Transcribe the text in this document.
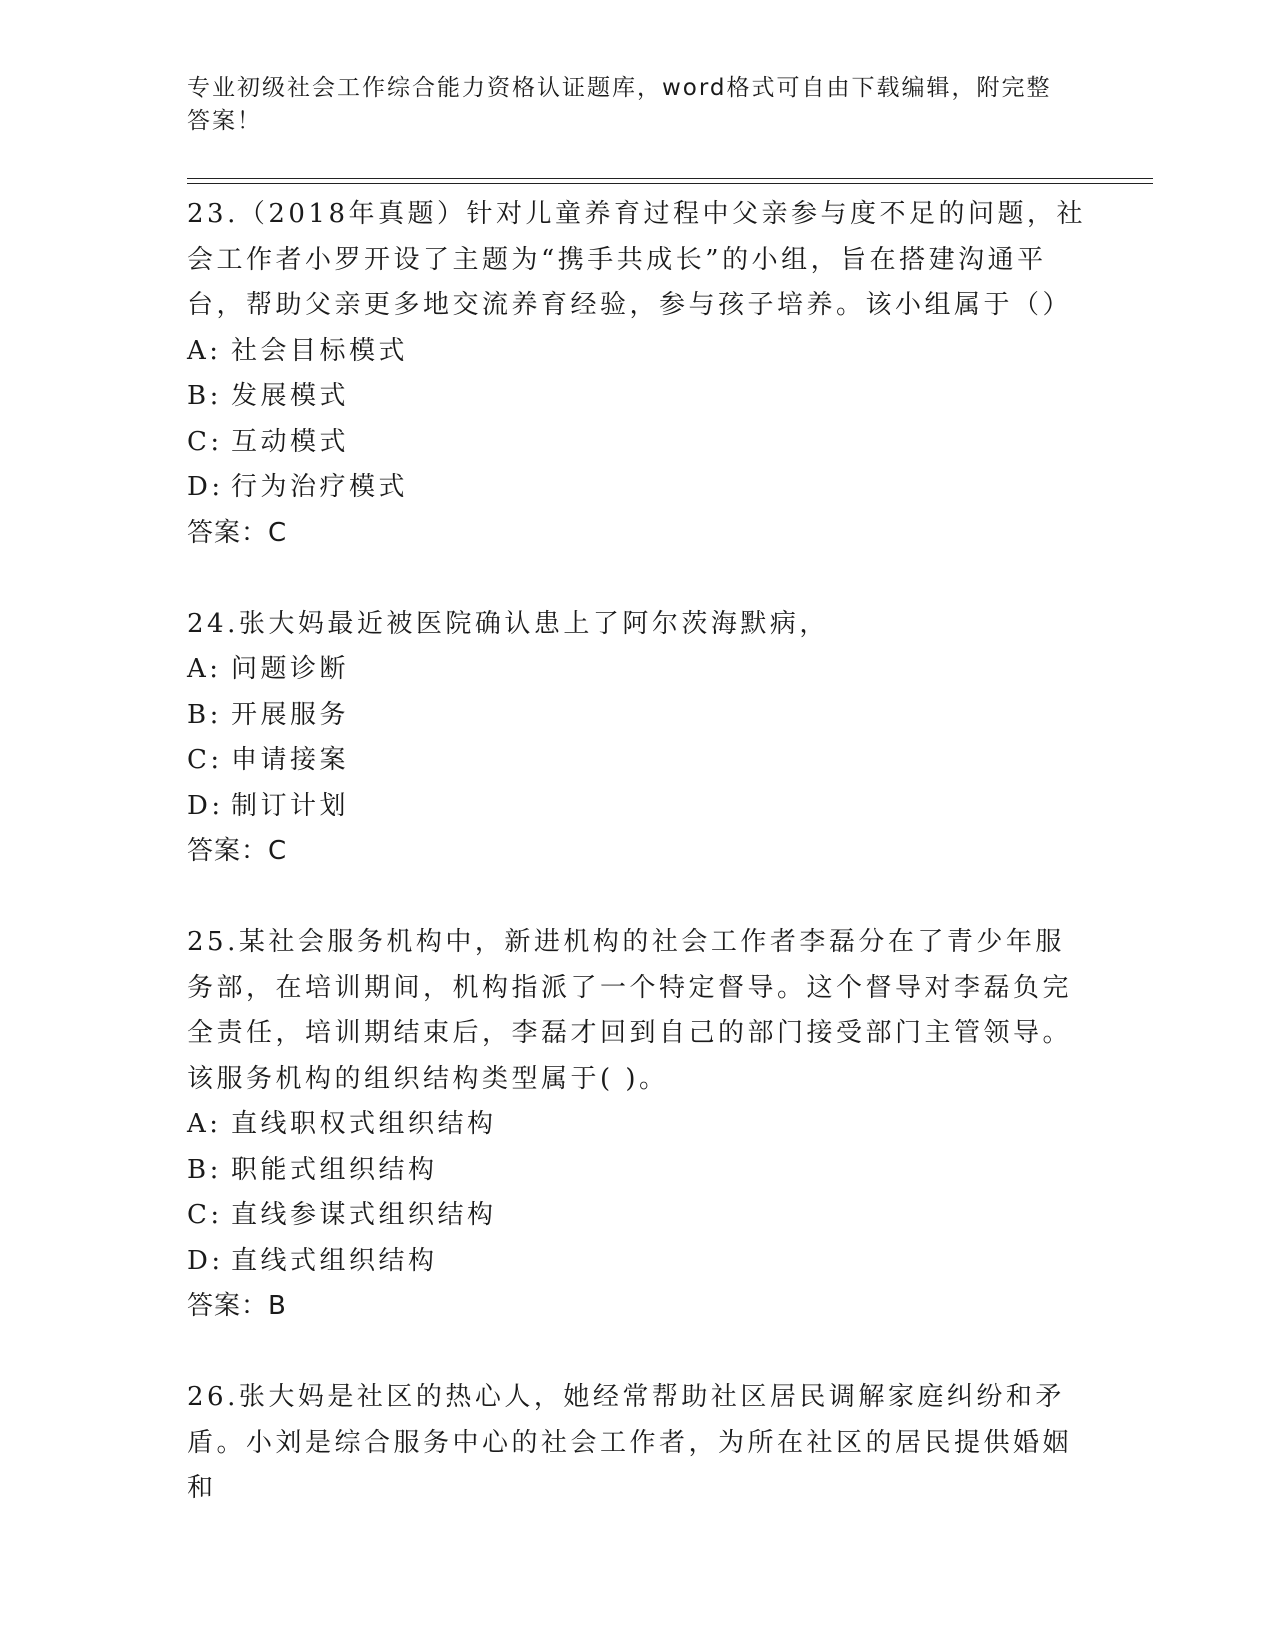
专业初级社会工作综合能力资格认证题库，word格式可自由下载编辑，附完整答案！

23.（2018年真题）针对儿童养育过程中父亲参与度不足的问题，社会工作者小罗开设了主题为“携手共成长”的小组，旨在搭建沟通平台，帮助父亲更多地交流养育经验，参与孩子培养。该小组属于（）

A: 社会目标模式

B: 发展模式

C: 互动模式

D: 行为治疗模式

答案：C

24.张大妈最近被医院确认患上了阿尔茨海默病，

A: 问题诊断

B: 开展服务

C: 申请接案

D: 制订计划

答案：C

25.某社会服务机构中，新进机构的社会工作者李磊分在了青少年服务部，在培训期间，机构指派了一个特定督导。这个督导对李磊负完全责任，培训期结束后，李磊才回到自己的部门接受部门主管领导。该服务机构的组织结构类型属于( )。

A: 直线职权式组织结构

B: 职能式组织结构

C: 直线参谋式组织结构

D: 直线式组织结构

答案：B

26.张大妈是社区的热心人，她经常帮助社区居民调解家庭纠纷和矛盾。小刘是综合服务中心的社会工作者，为所在社区的居民提供婚姻和
